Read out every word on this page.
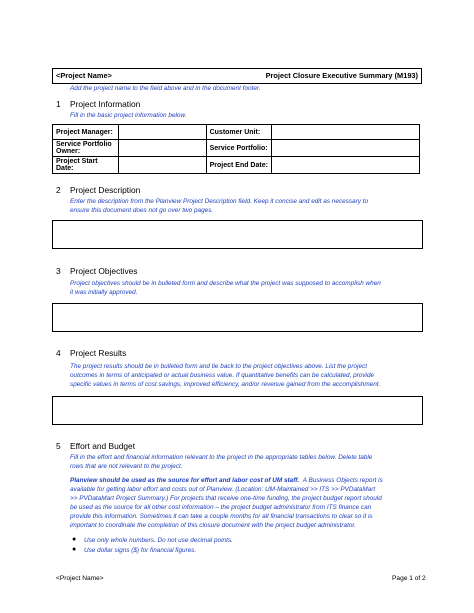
<Project Name>	Project Closure Executive Summary (M193)
Add the project name to the field above and in the document footer.
1 Project Information
Fill in the basic project information below.
Project Manager:		Customer Unit:	
Service Portfolio Owner:		Service Portfolio:	
Project Start Date:		Project End Date:	
2 Project Description
Enter the description from the Planview Project Description field. Keep it concise and edit as necessary to
ensure this document does not go over two pages.
3 Project Objectives
Project objectives should be in bulleted form and describe what the project was supposed to accomplish when
it was initially approved.
4 Project Results
The project results should be in bulleted form and tie back to the project objectives above. List the project
outcomes in terms of anticipated or actual business value. If quantitative benefits can be calculated, provide
specific values in terms of cost savings, improved efficiency, and/or revenue gained from the accomplishment.
5 Effort and Budget
Fill in the effort and financial information relevant to the project in the appropriate tables below. Delete table
rows that are not relevant to the project.
Planview should be used as the source for effort and labor cost of UM staff. A Business Objects report is
available for getting labor effort and costs out of Planview. (Location: UM-Maintained >> ITS >> PVDataMart
>> PVDataMart Project Summary.) For projects that receive one-time funding, the project budget report should
be used as the source for all other cost information – the project budget administrator from ITS finance can
provide this information. Sometimes it can take a couple months for all financial transactions to clear so it is
important to coordinate the completion of this closure document with the project budget administrator.
● Use only whole numbers. Do not use decimal points.
● Use dollar signs ($) for financial figures.
<Project Name>	Page 1 of 2
